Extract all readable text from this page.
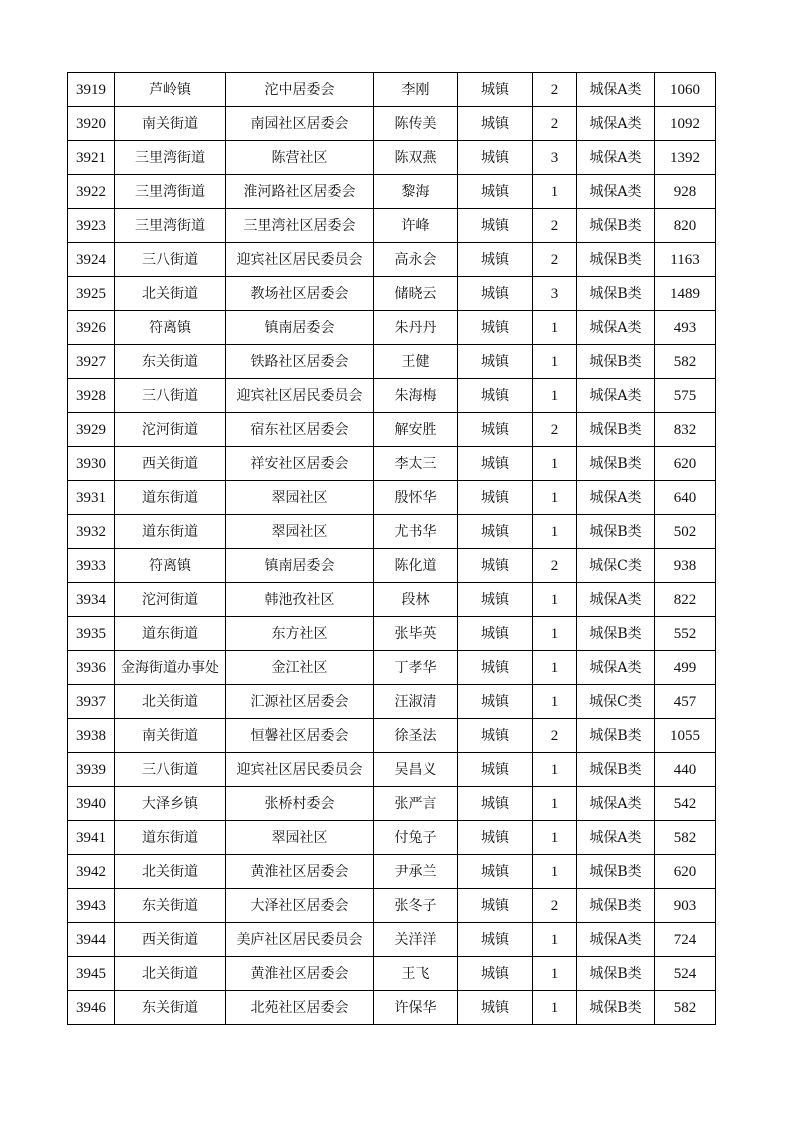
3919	芦岭镇	沱中居委会	李刚	城镇	2	城保A类	1060
3920	南关街道	南园社区居委会	陈传美	城镇	2	城保A类	1092
3921	三里湾街道	陈营社区	陈双燕	城镇	3	城保A类	1392
3922	三里湾街道	淮河路社区居委会	黎海	城镇	1	城保A类	928
3923	三里湾街道	三里湾社区居委会	许峰	城镇	2	城保B类	820
3924	三八街道	迎宾社区居民委员会	高永会	城镇	2	城保B类	1163
3925	北关街道	教场社区居委会	储晓云	城镇	3	城保B类	1489
3926	符离镇	镇南居委会	朱丹丹	城镇	1	城保A类	493
3927	东关街道	铁路社区居委会	王健	城镇	1	城保B类	582
3928	三八街道	迎宾社区居民委员会	朱海梅	城镇	1	城保A类	575
3929	沱河街道	宿东社区居委会	解安胜	城镇	2	城保B类	832
3930	西关街道	祥安社区居委会	李太三	城镇	1	城保B类	620
3931	道东街道	翠园社区	殷怀华	城镇	1	城保A类	640
3932	道东街道	翠园社区	尤书华	城镇	1	城保B类	502
3933	符离镇	镇南居委会	陈化道	城镇	2	城保C类	938
3934	沱河街道	韩池孜社区	段林	城镇	1	城保A类	822
3935	道东街道	东方社区	张毕英	城镇	1	城保B类	552
3936	金海街道办事处	金江社区	丁孝华	城镇	1	城保A类	499
3937	北关街道	汇源社区居委会	汪淑清	城镇	1	城保C类	457
3938	南关街道	恒馨社区居委会	徐圣法	城镇	2	城保B类	1055
3939	三八街道	迎宾社区居民委员会	吴昌义	城镇	1	城保B类	440
3940	大泽乡镇	张桥村委会	张严言	城镇	1	城保A类	542
3941	道东街道	翠园社区	付兔子	城镇	1	城保A类	582
3942	北关街道	黄淮社区居委会	尹承兰	城镇	1	城保B类	620
3943	东关街道	大泽社区居委会	张冬子	城镇	2	城保B类	903
3944	西关街道	美庐社区居民委员会	关洋洋	城镇	1	城保A类	724
3945	北关街道	黄淮社区居委会	王飞	城镇	1	城保B类	524
3946	东关街道	北苑社区居委会	许保华	城镇	1	城保B类	582
